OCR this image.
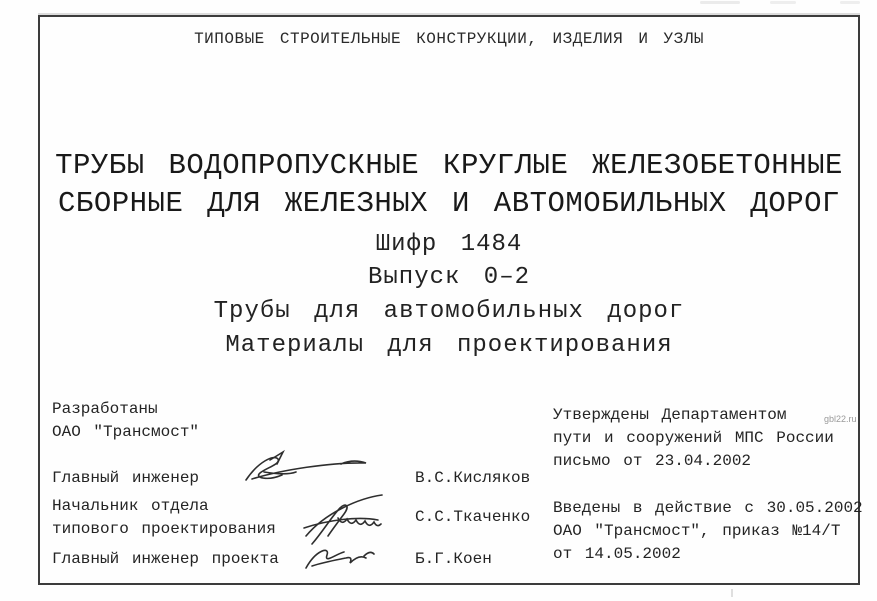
ТИПОВЫЕ СТРОИТЕЛЬНЫЕ КОНСТРУКЦИИ, ИЗДЕЛИЯ И УЗЛЫ
ТРУБЫ ВОДОПРОПУСКНЫЕ КРУГЛЫЕ ЖЕЛЕЗОБЕТОННЫЕ
СБОРНЫЕ ДЛЯ ЖЕЛЕЗНЫХ И АВТОМОБИЛЬНЫХ ДОРОГ
Шифр 1484
Выпуск 0–2
Трубы для автомобильных дорог
Материалы для проектирования
Разработаны
ОАО "Трансмост"
Главный инженер
Начальник отдела
типового проектирования
Главный инженер проекта
В.С.Кисляков
С.С.Ткаченко
Б.Г.Коен
Утверждены Департаментом
пути и сооружений МПС России
письмо от 23.04.2002
Введены в действие с 30.05.2002
ОАО "Трансмост", приказ №14/Т
от 14.05.2002
gbl22.ru
